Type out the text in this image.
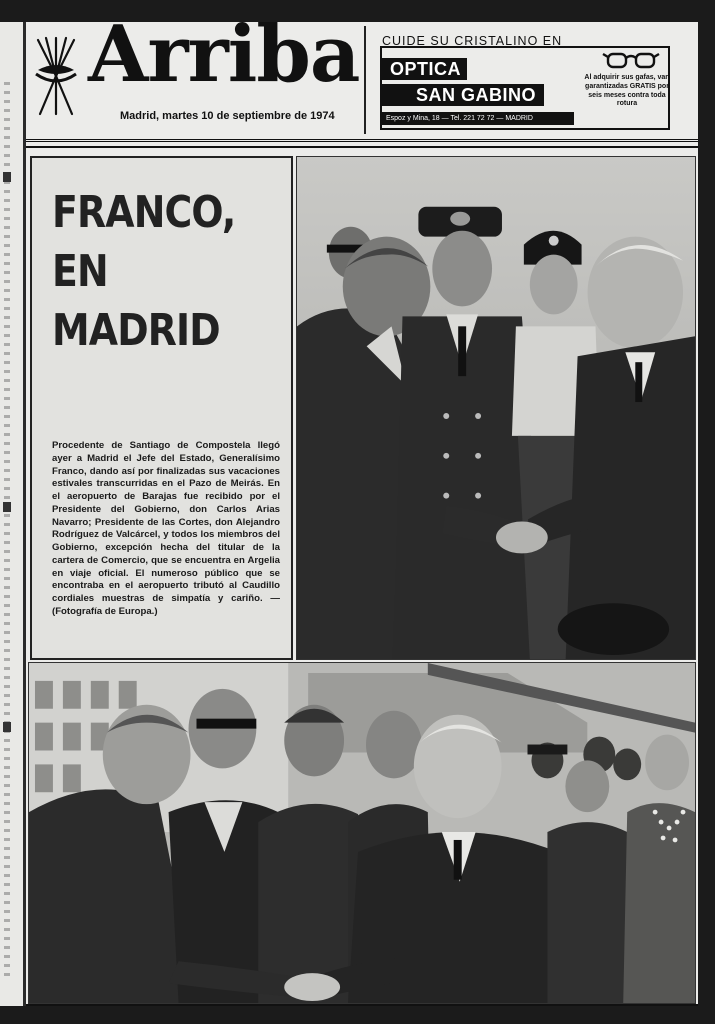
Arriba
Madrid, martes 10 de septiembre de 1974
CUIDE SU CRISTALINO EN
OPTICA
SAN GABINO
Espoz y Mina, 18 — Tel. 221 72 72 — MADRID
Al adquirir sus gafas, van garantizadas GRATIS por seis meses contra toda rotura
FRANCO,
EN
MADRID
Procedente de Santiago de Compostela llegó ayer a Madrid el Jefe del Estado, Generalísimo Franco, dando así por finalizadas sus vacaciones estivales transcurridas en el Pazo de Meirás. En el aeropuerto de Barajas fue recibido por el Presidente del Gobierno, don Carlos Arias Navarro; Presidente de las Cortes, don Alejandro Rodríguez de Valcárcel, y todos los miembros del Gobierno, excepción hecha del titular de la cartera de Comercio, que se encuentra en Argelia en viaje oficial. El numeroso público que se encontraba en el aeropuerto tributó al Caudillo cordiales muestras de simpatía y cariño. — (Fotografía de Europa.)
